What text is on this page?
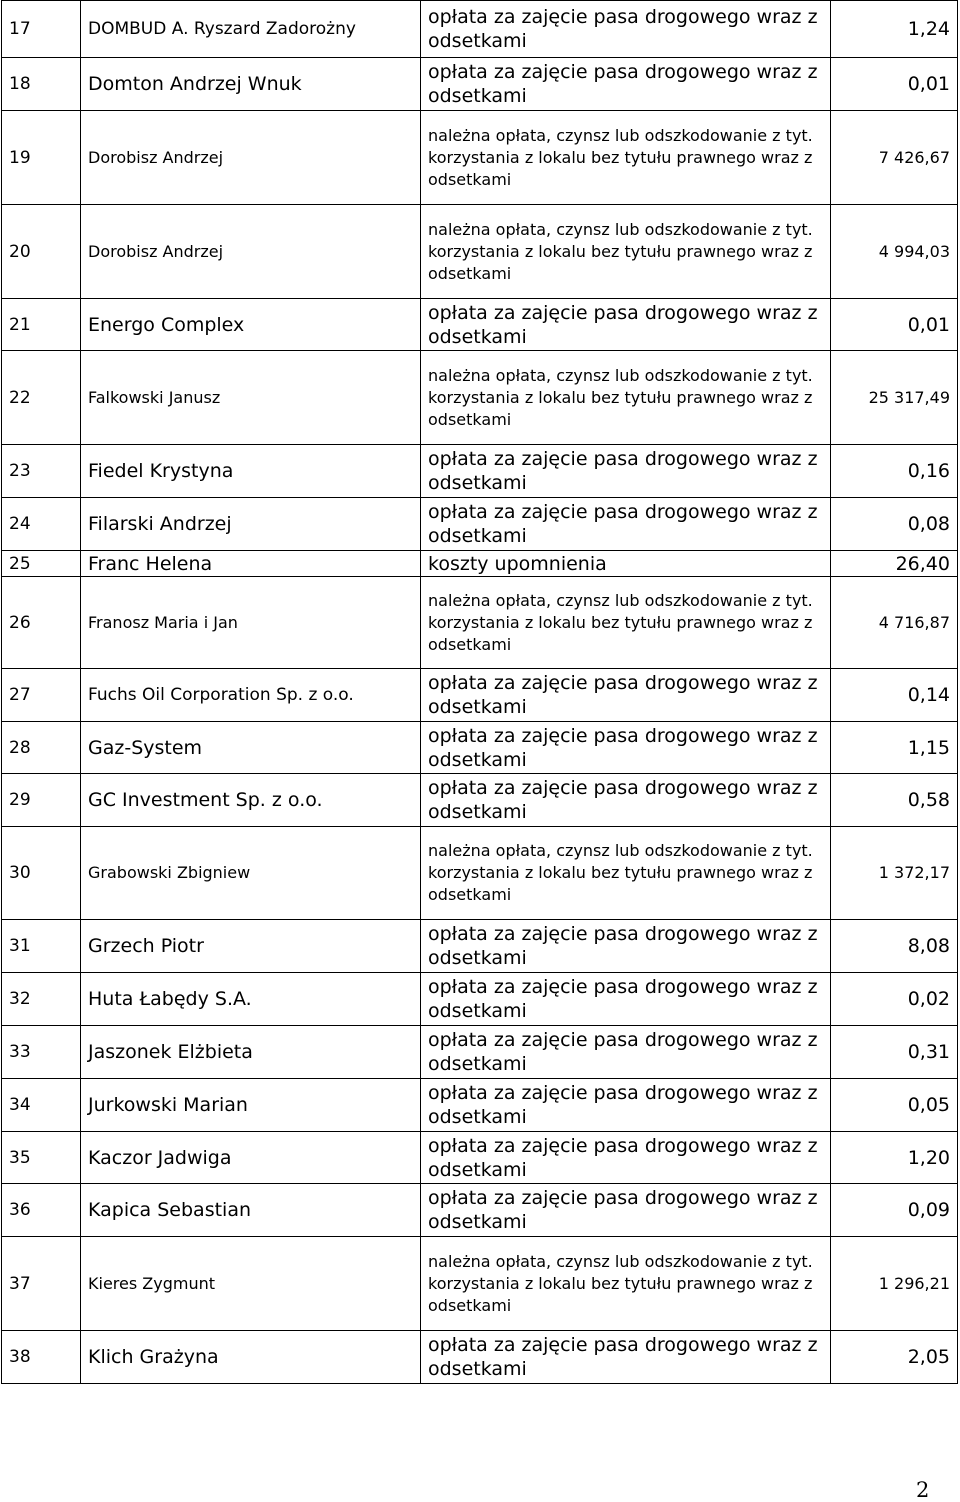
17	DOMBUD A. Ryszard Zadorożny	opłata za zajęcie pasa drogowego wraz z odsetkami	1,24
18	Domton Andrzej Wnuk	opłata za zajęcie pasa drogowego wraz z odsetkami	0,01
19	Dorobisz Andrzej	należna opłata, czynsz lub odszkodowanie z tyt. korzystania z lokalu bez tytułu prawnego wraz z odsetkami	7 426,67
20	Dorobisz Andrzej	należna opłata, czynsz lub odszkodowanie z tyt. korzystania z lokalu bez tytułu prawnego wraz z odsetkami	4 994,03
21	Energo Complex	opłata za zajęcie pasa drogowego wraz z odsetkami	0,01
22	Falkowski Janusz	należna opłata, czynsz lub odszkodowanie z tyt. korzystania z lokalu bez tytułu prawnego wraz z odsetkami	25 317,49
23	Fiedel Krystyna	opłata za zajęcie pasa drogowego wraz z odsetkami	0,16
24	Filarski Andrzej	opłata za zajęcie pasa drogowego wraz z odsetkami	0,08
25	Franc Helena	koszty upomnienia	26,40
26	Franosz Maria i Jan	należna opłata, czynsz lub odszkodowanie z tyt. korzystania z lokalu bez tytułu prawnego wraz z odsetkami	4 716,87
27	Fuchs Oil Corporation Sp. z o.o.	opłata za zajęcie pasa drogowego wraz z odsetkami	0,14
28	Gaz-System	opłata za zajęcie pasa drogowego wraz z odsetkami	1,15
29	GC Investment Sp. z o.o.	opłata za zajęcie pasa drogowego wraz z odsetkami	0,58
30	Grabowski Zbigniew	należna opłata, czynsz lub odszkodowanie z tyt. korzystania z lokalu bez tytułu prawnego wraz z odsetkami	1 372,17
31	Grzech Piotr	opłata za zajęcie pasa drogowego wraz z odsetkami	8,08
32	Huta Łabędy S.A.	opłata za zajęcie pasa drogowego wraz z odsetkami	0,02
33	Jaszonek Elżbieta	opłata za zajęcie pasa drogowego wraz z odsetkami	0,31
34	Jurkowski Marian	opłata za zajęcie pasa drogowego wraz z odsetkami	0,05
35	Kaczor Jadwiga	opłata za zajęcie pasa drogowego wraz z odsetkami	1,20
36	Kapica Sebastian	opłata za zajęcie pasa drogowego wraz z odsetkami	0,09
37	Kieres Zygmunt	należna opłata, czynsz lub odszkodowanie z tyt. korzystania z lokalu bez tytułu prawnego wraz z odsetkami	1 296,21
38	Klich Grażyna	opłata za zajęcie pasa drogowego wraz z odsetkami	2,05
2
